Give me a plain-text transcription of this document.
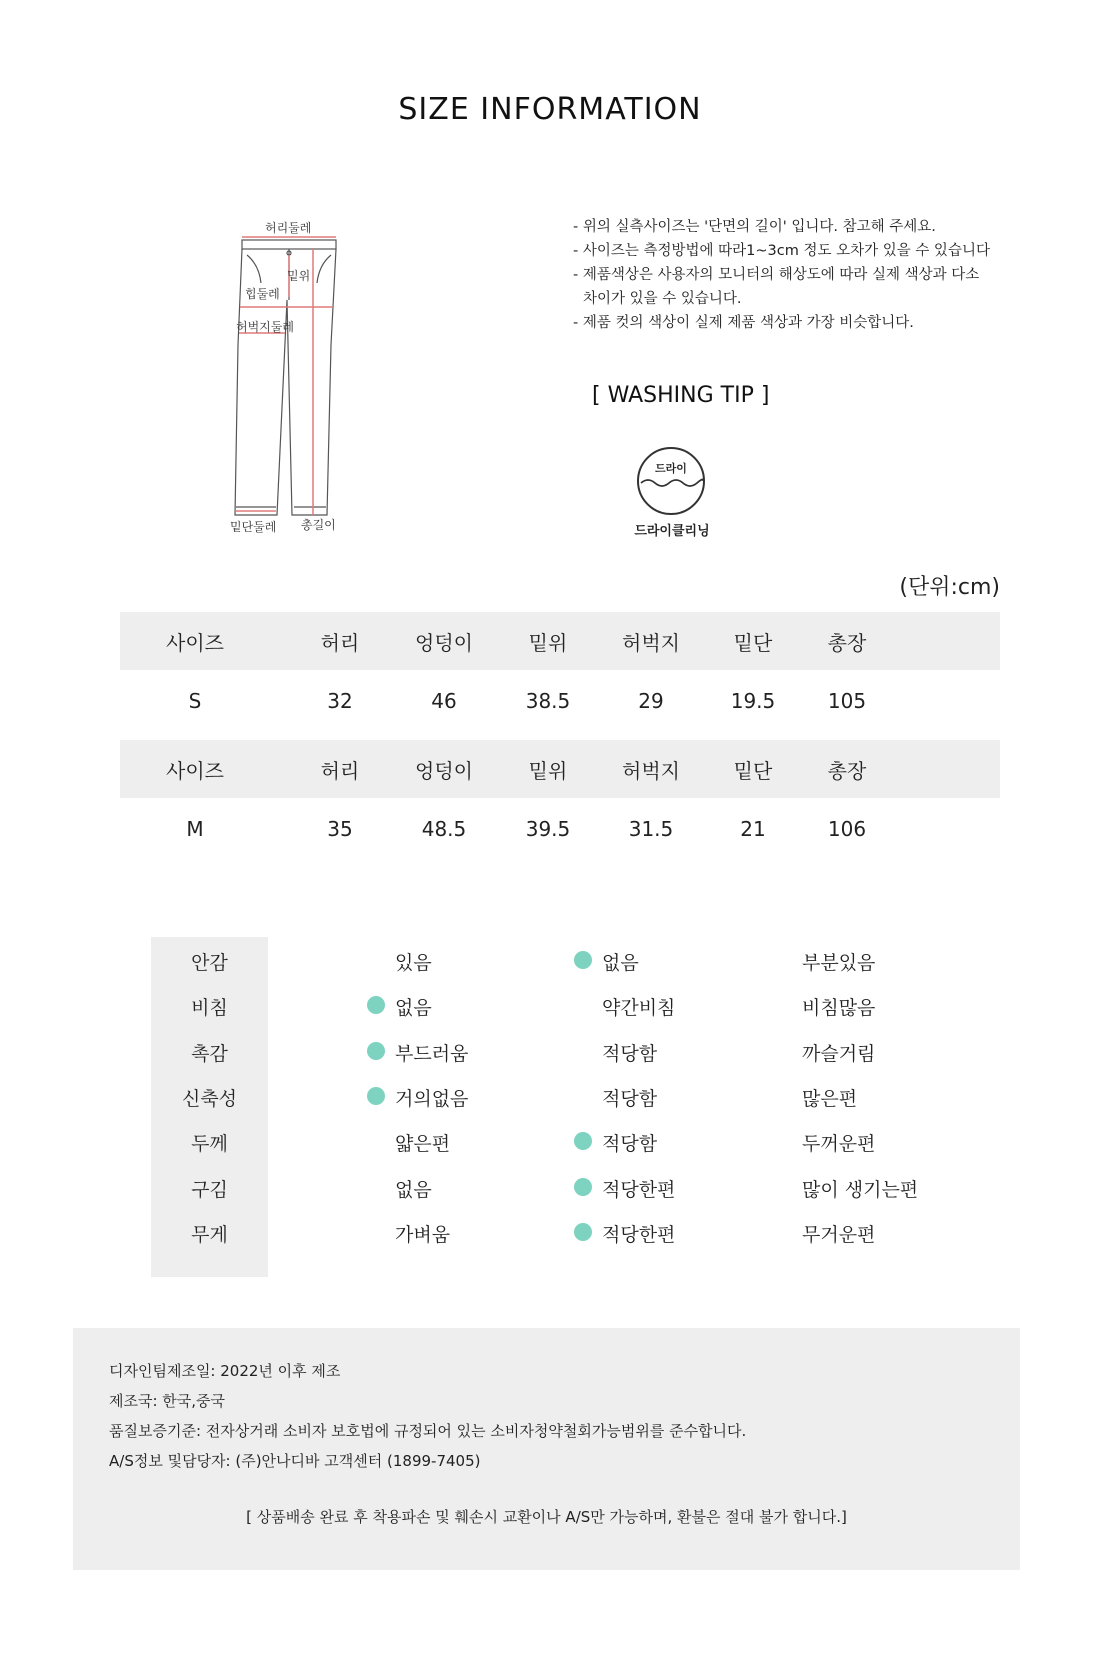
SIZE INFORMATION
허리둘레
밑위
힙둘레
허벅지둘레
밑단둘레 총길이

- 위의 실측사이즈는 '단면의 길이' 입니다. 참고해 주세요.

- 사이즈는 측정방법에 따라1~3cm 정도 오차가 있을 수 있습니다

- 제품색상은 사용자의 모니터의 해상도에 따라 실제 색상과 다소

차이가 있을 수 있습니다.

- 제품 컷의 색상이 실제 제품 색상과 가장 비슷합니다.

[ WASHING TIP ]
드라이
드라이클리닝
(단위:cm)
사이즈	허리	엉덩이	밑위	허벅지	밑단	총장
S	32	46	38.5	29	19.5	105
사이즈	허리	엉덩이	밑위	허벅지	밑단	총장
M	35	48.5	39.5	31.5	21	106
안감	있음	없음	부분있음
비침	없음	약간비침	비침많음
촉감	부드러움	적당함	까슬거림
신축성	거의없음	적당함	많은편
두께	얇은편	적당함	두꺼운편
구김	없음	적당한편	많이 생기는편
무게	가벼움	적당한편	무거운편
디자인팀제조일: 2022년 이후 제조
제조국: 한국,중국
품질보증기준: 전자상거래 소비자 보호법에 규정되어 있는 소비자청약철회가능범위를 준수합니다.
A/S정보 및담당자: (주)안나디바 고객센터 (1899-7405)
[ 상품배송 완료 후 착용파손 및 훼손시 교환이나 A/S만 가능하며, 환불은 절대 불가 합니다.]
